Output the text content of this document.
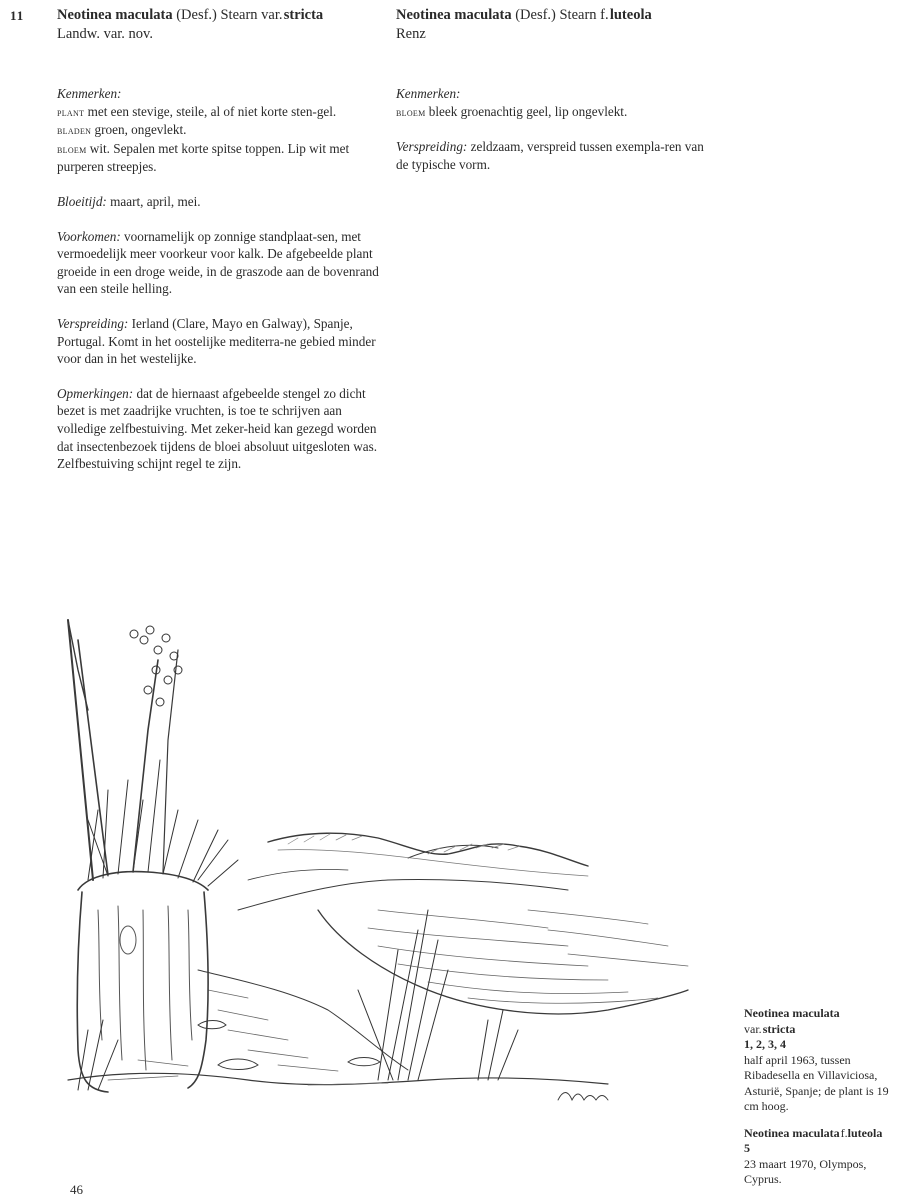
11 Neotinea maculata (Desf.) Stearn var. stricta
Landw. var. nov.

Kenmerken:

plant met een stevige, steile, al of niet korte sten-gel.

bladen groen, ongevlekt.

bloem wit. Sepalen met korte spitse toppen. Lip wit met purperen streepjes.

Bloeitijd: maart, april, mei.

Voorkomen: voornamelijk op zonnige standplaat-sen, met vermoedelijk meer voorkeur voor kalk. De afgebeelde plant groeide in een droge weide, in de graszode aan de bovenrand van een steile helling.

Verspreiding: Ierland (Clare, Mayo en Galway), Spanje, Portugal. Komt in het oostelijke mediterra-ne gebied minder voor dan in het westelijke.

Opmerkingen: dat de hiernaast afgebeelde stengel zo dicht bezet is met zaadrijke vruchten, is toe te schrijven aan volledige zelfbestuiving. Met zeker-heid kan gezegd worden dat insectenbezoek tijdens de bloei absoluut uitgesloten was. Zelfbestuiving schijnt regel te zijn.

Neotinea maculata (Desf.) Stearn f. luteola
Renz

Kenmerken:

bloem bleek groenachtig geel, lip ongevlekt.

Verspreiding: zeldzaam, verspreid tussen exempla-ren van de typische vorm.

Neotinea maculata
var. stricta
1, 2, 3, 4
half april 1963, tussen Ribadesella en Villaviciosa, Asturië, Spanje; de plant is 19 cm hoog.
Neotinea maculata f.luteola
5
23 maart 1970, Olympos, Cyprus.
46
